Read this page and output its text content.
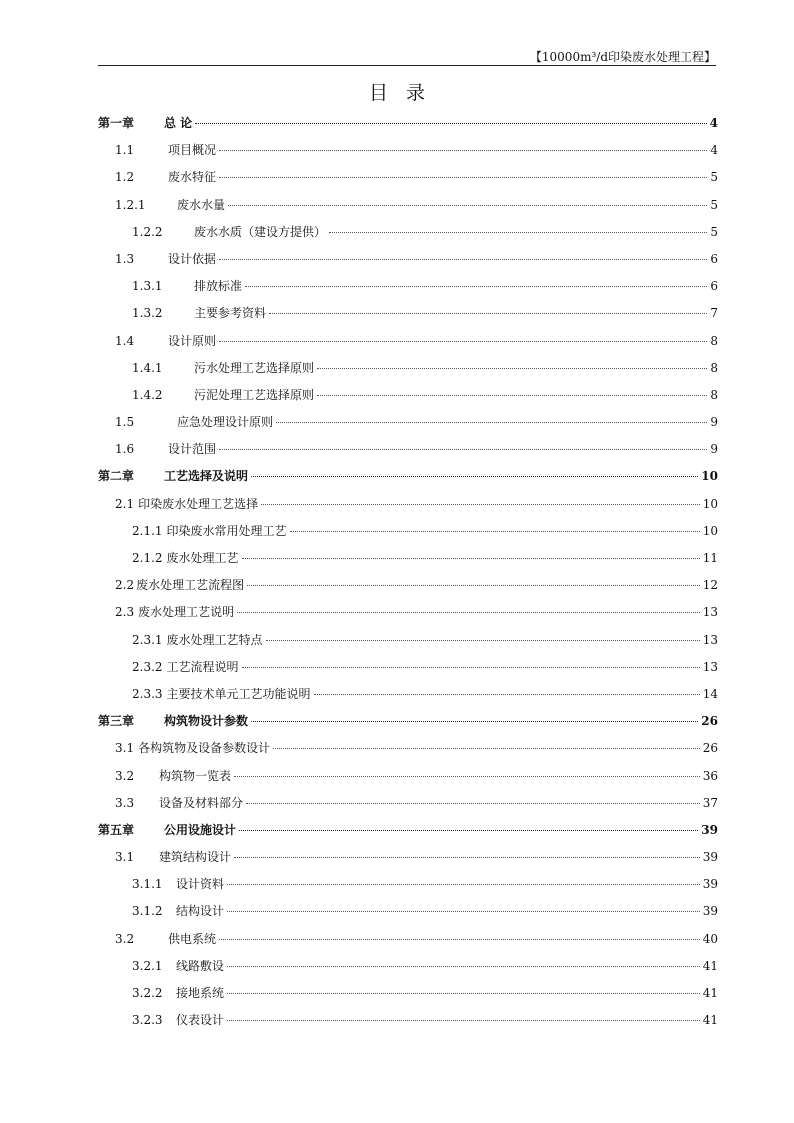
【10000m³/d印染废水处理工程】
目录
第一章	总 论	4
1.1	项目概况	4
1.2	废水特征	5
1.2.1	废水水量	5
1.2.2	废水水质（建设方提供）	5
1.3	设计依据	6
1.3.1	排放标准	6
1.3.2	主要参考资料	7
1.4	设计原则	8
1.4.1	污水处理工艺选择原则	8
1.4.2	污泥处理工艺选择原则	8
1.5	应急处理设计原则	9
1.6	设计范围	9
第二章	工艺选择及说明	10
2.1 印染废水处理工艺选择	10
2.1.1 印染废水常用处理工艺	10
2.1.2 废水处理工艺	11
2.2 废水处理工艺流程图	12
2.3 废水处理工艺说明	13
2.3.1 废水处理工艺特点	13
2.3.2 工艺流程说明	13
2.3.3 主要技术单元工艺功能说明	14
第三章	构筑物设计参数	26
3.1 各构筑物及设备参数设计	26
3.2	构筑物一览表	36
3.3	设备及材料部分	37
第五章	公用设施设计	39
3.1	建筑结构设计	39
3.1.1	设计资料	39
3.1.2	结构设计	39
3.2	供电系统	40
3.2.1	线路敷设	41
3.2.2	接地系统	41
3.2.3	仪表设计	41
